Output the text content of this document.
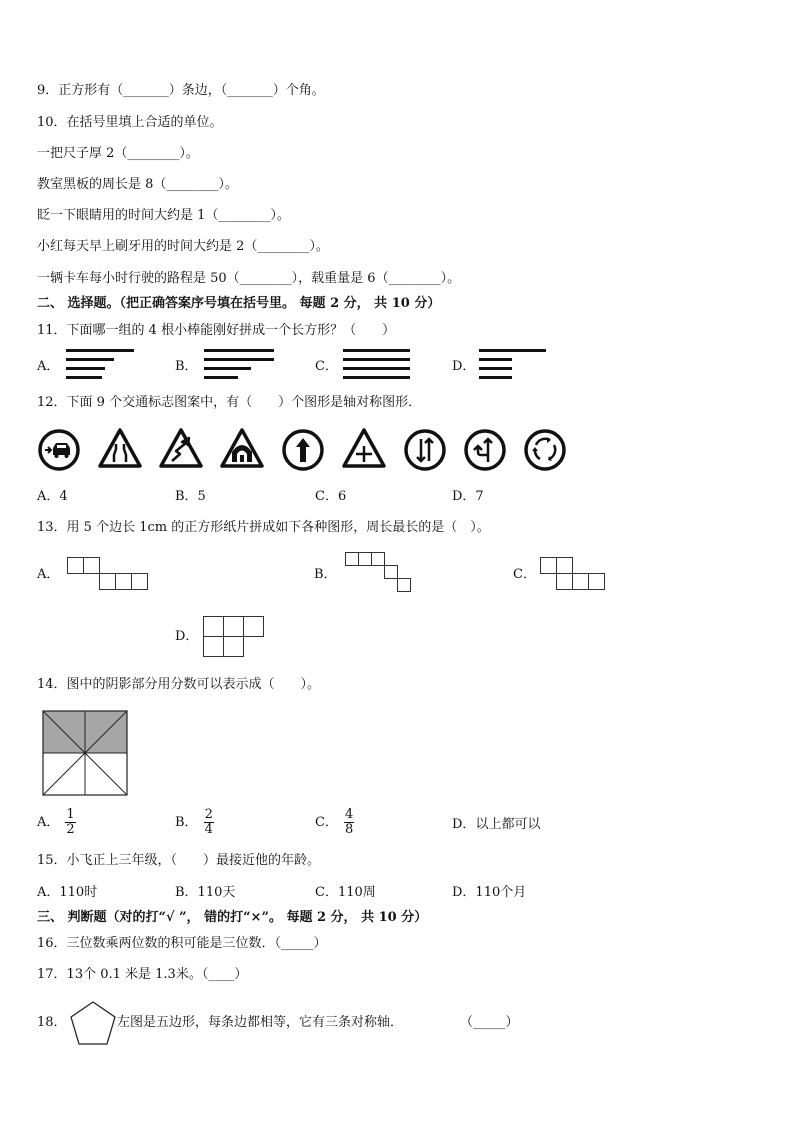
9．正方形有（_______）条边，（_______）个角。
10．在括号里填上合适的单位。
一把尺子厚 2（________）。
教室黑板的周长是 8（________）。
眨一下眼睛用的时间大约是 1（________）。
小红每天早上刷牙用的时间大约是 2（________）。
一辆卡车每小时行驶的路程是 50（________），载重量是 6（________）。
二、 选择题。（把正确答案序号填在括号里。 每题 2 分， 共 10 分）
11．下面哪一组的 4 根小棒能刚好拼成一个长方形？（　　）
A．	B．	C．	D．
12．下面 9 个交通标志图案中，有（　　）个图形是轴对称图形．
A．4	B．5	C．6	D．7
13．用 5 个边长 1cm 的正方形纸片拼成如下各种图形，周长最长的是（　）。
A．	B．	C．
D．
14．图中的阴影部分用分数可以表示成（　　）。
A． $\frac{1}{2}$	B． $\frac{2}{4}$	C． $\frac{4}{8}$	D．以上都可以
15．小飞正上三年级，（　　）最接近他的年龄。
A．110时	B．110天	C．110周	D．110个月
三、 判断题（对的打“√ ”， 错的打“×”。 每题 2 分， 共 10 分）
16．三位数乘两位数的积可能是三位数．（_____）
17．13个 0.1 米是 1.3米。（____）
18．	左图是五边形，每条边都相等，它有三条对称轴．	（_____）
